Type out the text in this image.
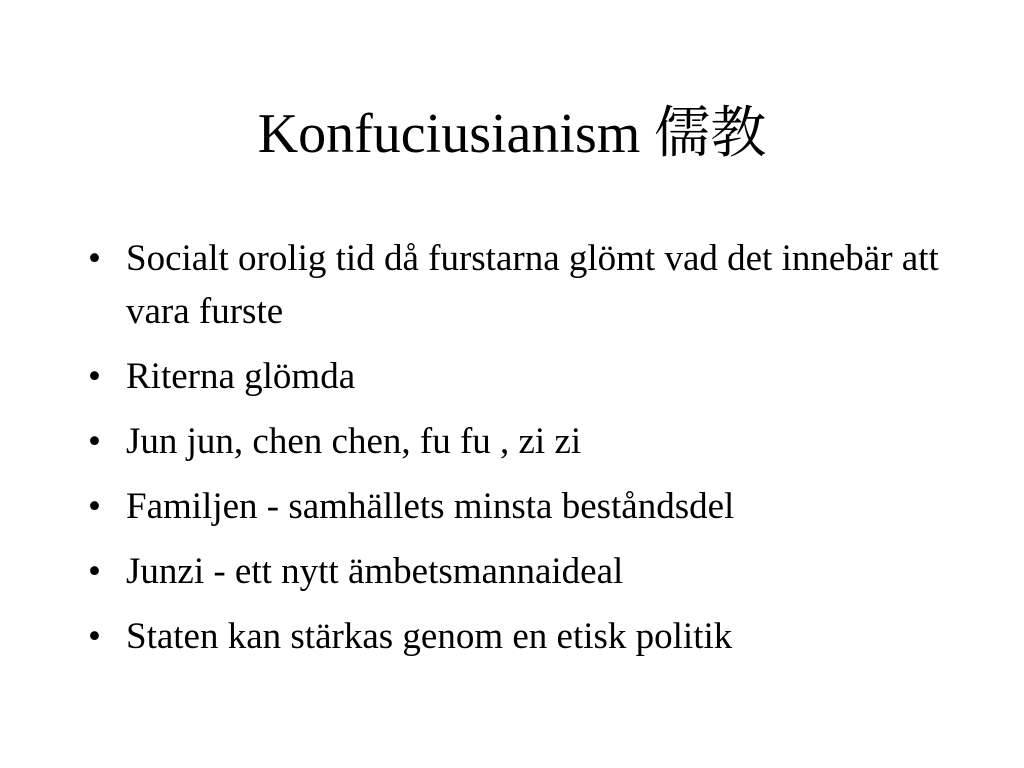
Konfuciusianism 儒教
• Socialt orolig tid då furstarna glömt vad det innebär att vara furste
• Riterna glömda
• Jun jun, chen chen, fu fu , zi zi
• Familjen - samhällets minsta beståndsdel
• Junzi - ett nytt ämbetsmannaideal
• Staten kan stärkas genom en etisk politik
